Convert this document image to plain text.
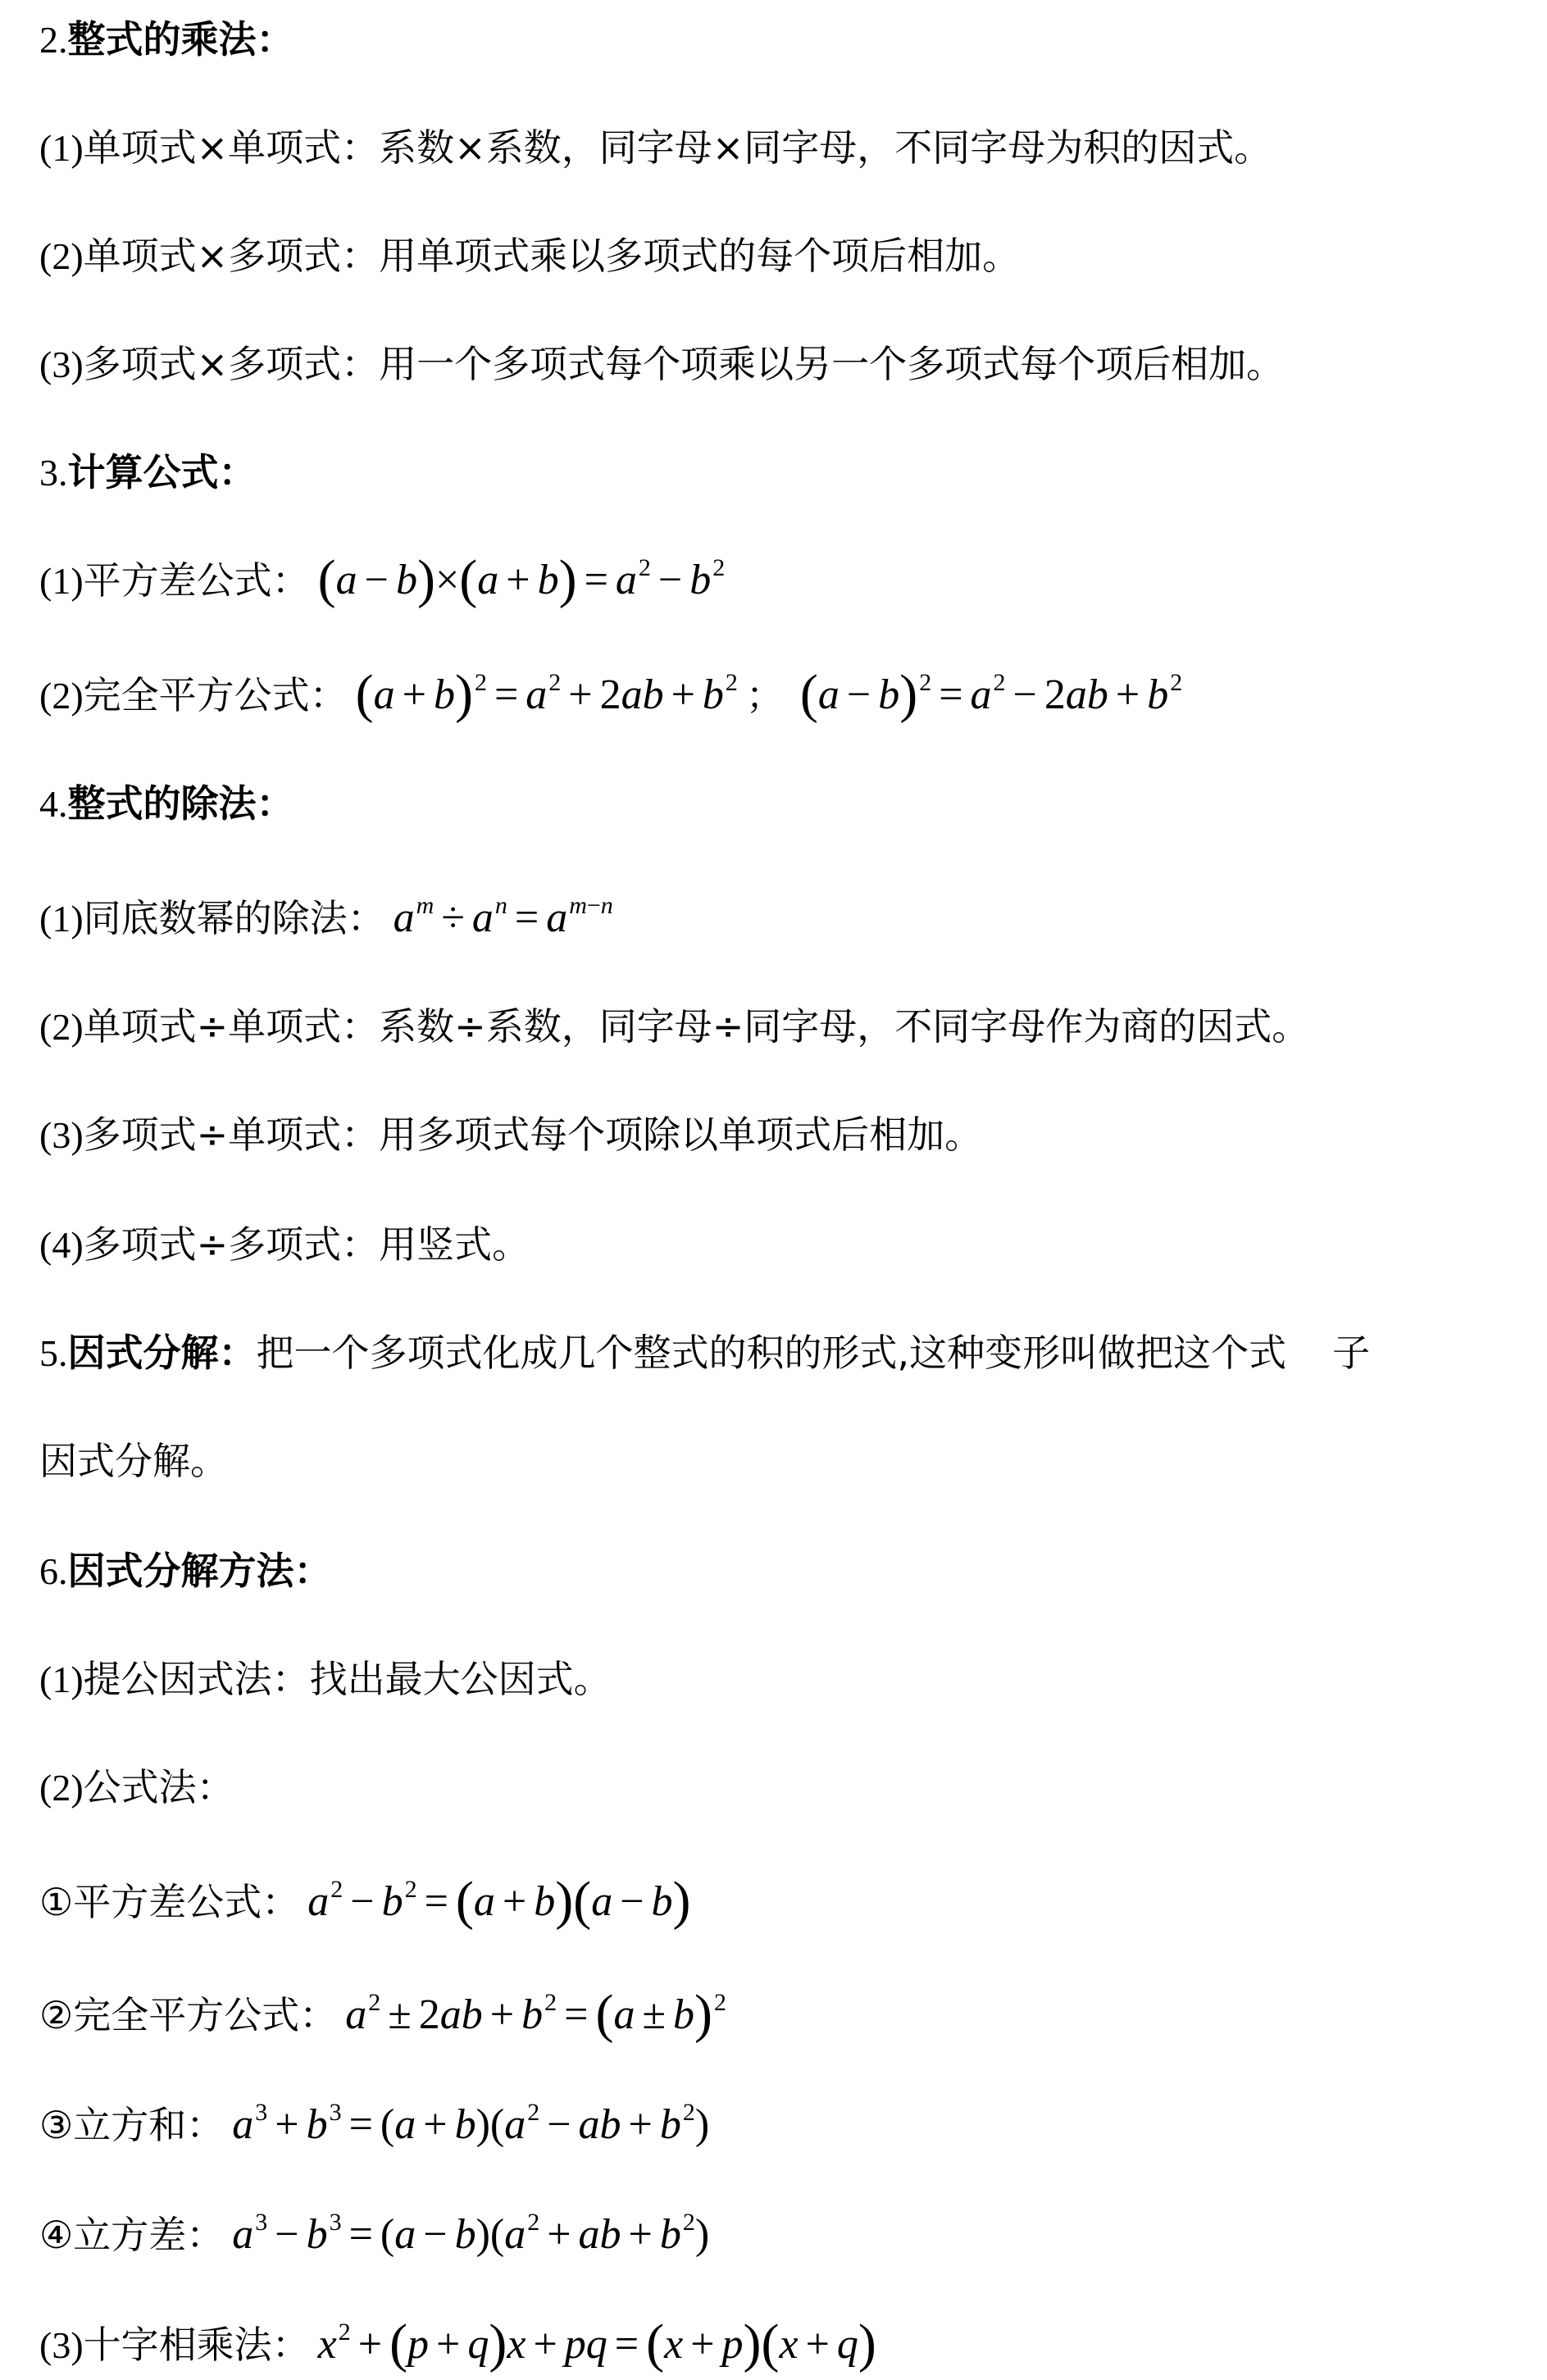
2.整式的乘法：
(1)单项式×单项式：系数×系数，同字母×同字母，不同字母为积的因式。
(2)单项式×多项式：用单项式乘以多项式的每个项后相加。
(3)多项式×多项式：用一个多项式每个项乘以另一个多项式每个项后相加。
3.计算公式：
(1)平方差公式： $(a - b)\times(a + b) = a^2 - b^2$
(2)完全平方公式： $(a + b)^2 = a^2 + 2ab + b^2$ ； $(a - b)^2 = a^2 - 2ab + b^2$
4.整式的除法：
(1)同底数幂的除法： $a^m \div a^n = a^{m-n}$
(2)单项式÷单项式：系数÷系数，同字母÷同字母，不同字母作为商的因式。
(3)多项式÷单项式：用多项式每个项除以单项式后相加。
(4)多项式÷多项式：用竖式。
5.因式分解：把一个多项式化成几个整式的积的形式,这种变形叫做把这个式 子
因式分解。
6.因式分解方法：
(1)提公因式法：找出最大公因式。
(2)公式法：
①平方差公式： $a^2 - b^2 = (a + b)(a - b)$
②完全平方公式： $a^2 \pm 2ab + b^2 = (a \pm b)^2$
③立方和： $a^3 + b^3 = (a + b)(a^2$ − ab + $b^2$)
④立方差： $a^3 - b^3 = (a - b)(a^2$ + ab + $b^2$)
(3)十字相乘法： $x^2 + (p + q)x$ + pq = (x + p)(x + q)
